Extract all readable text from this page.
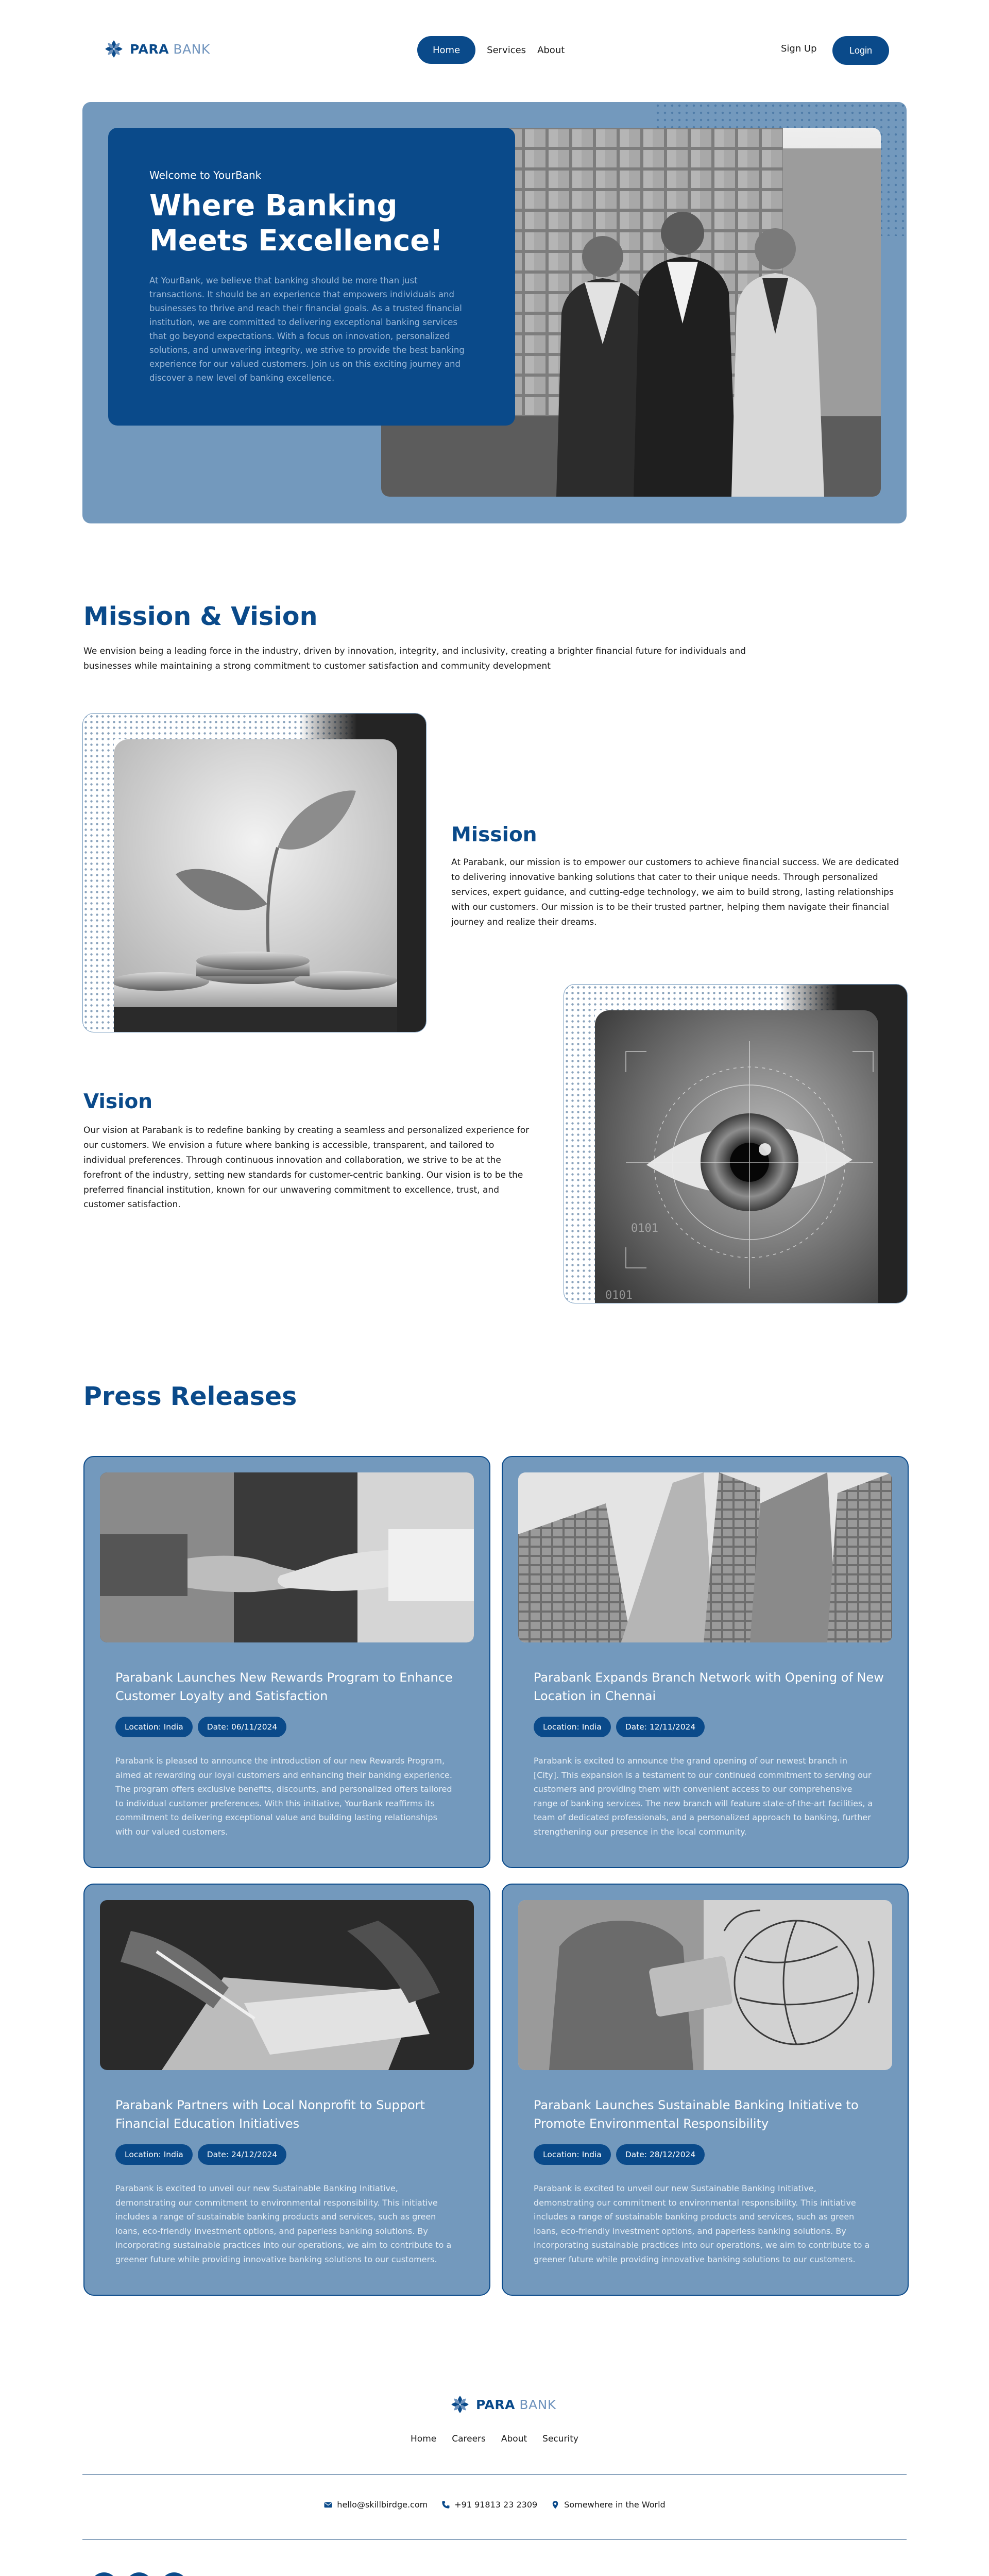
PARA BANK	Home	Services About	Sign Up	Login
Welcome to YourBank
Where Banking Meets Excellence!

At YourBank, we believe that banking should be more than just transactions. It should be an experience that empowers individuals and businesses to thrive and reach their financial goals. As a trusted financial institution, we are committed to delivering exceptional banking services that go beyond expectations. With a focus on innovation, personalized solutions, and unwavering integrity, we strive to provide the best banking experience for our valued customers. Join us on this exciting journey and discover a new level of banking excellence.

Mission & Vision

We envision being a leading force in the industry, driven by innovation, integrity, and inclusivity, creating a brighter financial future for individuals and businesses while maintaining a strong commitment to customer satisfaction and community development

Mission

At Parabank, our mission is to empower our customers to achieve financial success. We are dedicated to delivering innovative banking solutions that cater to their unique needs. Through personalized services, expert guidance, and cutting-edge technology, we aim to build strong, lasting relationships with our customers. Our mission is to be their trusted partner, helping them navigate their financial journey and realize their dreams.

0101
0101
Vision

Our vision at Parabank is to redefine banking by creating a seamless and personalized experience for our customers. We envision a future where banking is accessible, transparent, and tailored to individual preferences. Through continuous innovation and collaboration, we strive to be at the forefront of the industry, setting new standards for customer-centric banking. Our vision is to be the preferred financial institution, known for our unwavering commitment to excellence, trust, and customer satisfaction.

Press Releases
Parabank Launches New Rewards Program to Enhance Customer Loyalty and Satisfaction
Location: India	Date: 06/11/2024

Parabank is pleased to announce the introduction of our new Rewards Program, aimed at rewarding our loyal customers and enhancing their banking experience. The program offers exclusive benefits, discounts, and personalized offers tailored to individual customer preferences. With this initiative, YourBank reaffirms its commitment to delivering exceptional value and building lasting relationships with our valued customers.

Parabank Expands Branch Network with Opening of New Location in Chennai
Location: India	Date: 12/11/2024

Parabank is excited to announce the grand opening of our newest branch in [City]. This expansion is a testament to our continued commitment to serving our customers and providing them with convenient access to our comprehensive range of banking services. The new branch will feature state-of-the-art facilities, a team of dedicated professionals, and a personalized approach to banking, further strengthening our presence in the local community.

Parabank Partners with Local Nonprofit to Support Financial Education Initiatives
Location: India	Date: 24/12/2024

Parabank is excited to unveil our new Sustainable Banking Initiative, demonstrating our commitment to environmental responsibility. This initiative includes a range of sustainable banking products and services, such as green loans, eco-friendly investment options, and paperless banking solutions. By incorporating sustainable practices into our operations, we aim to contribute to a greener future while providing innovative banking solutions to our customers.

Parabank Launches Sustainable Banking Initiative to Promote Environmental Responsibility
Location: India	Date: 28/12/2024

Parabank is excited to unveil our new Sustainable Banking Initiative, demonstrating our commitment to environmental responsibility. This initiative includes a range of sustainable banking products and services, such as green loans, eco-friendly investment options, and paperless banking solutions. By incorporating sustainable practices into our operations, we aim to contribute to a greener future while providing innovative banking solutions to our customers.

PARA BANK
Home Careers About Security
hello@skillbirdge.com	+91 91813 23 2309	Somewhere in the World
